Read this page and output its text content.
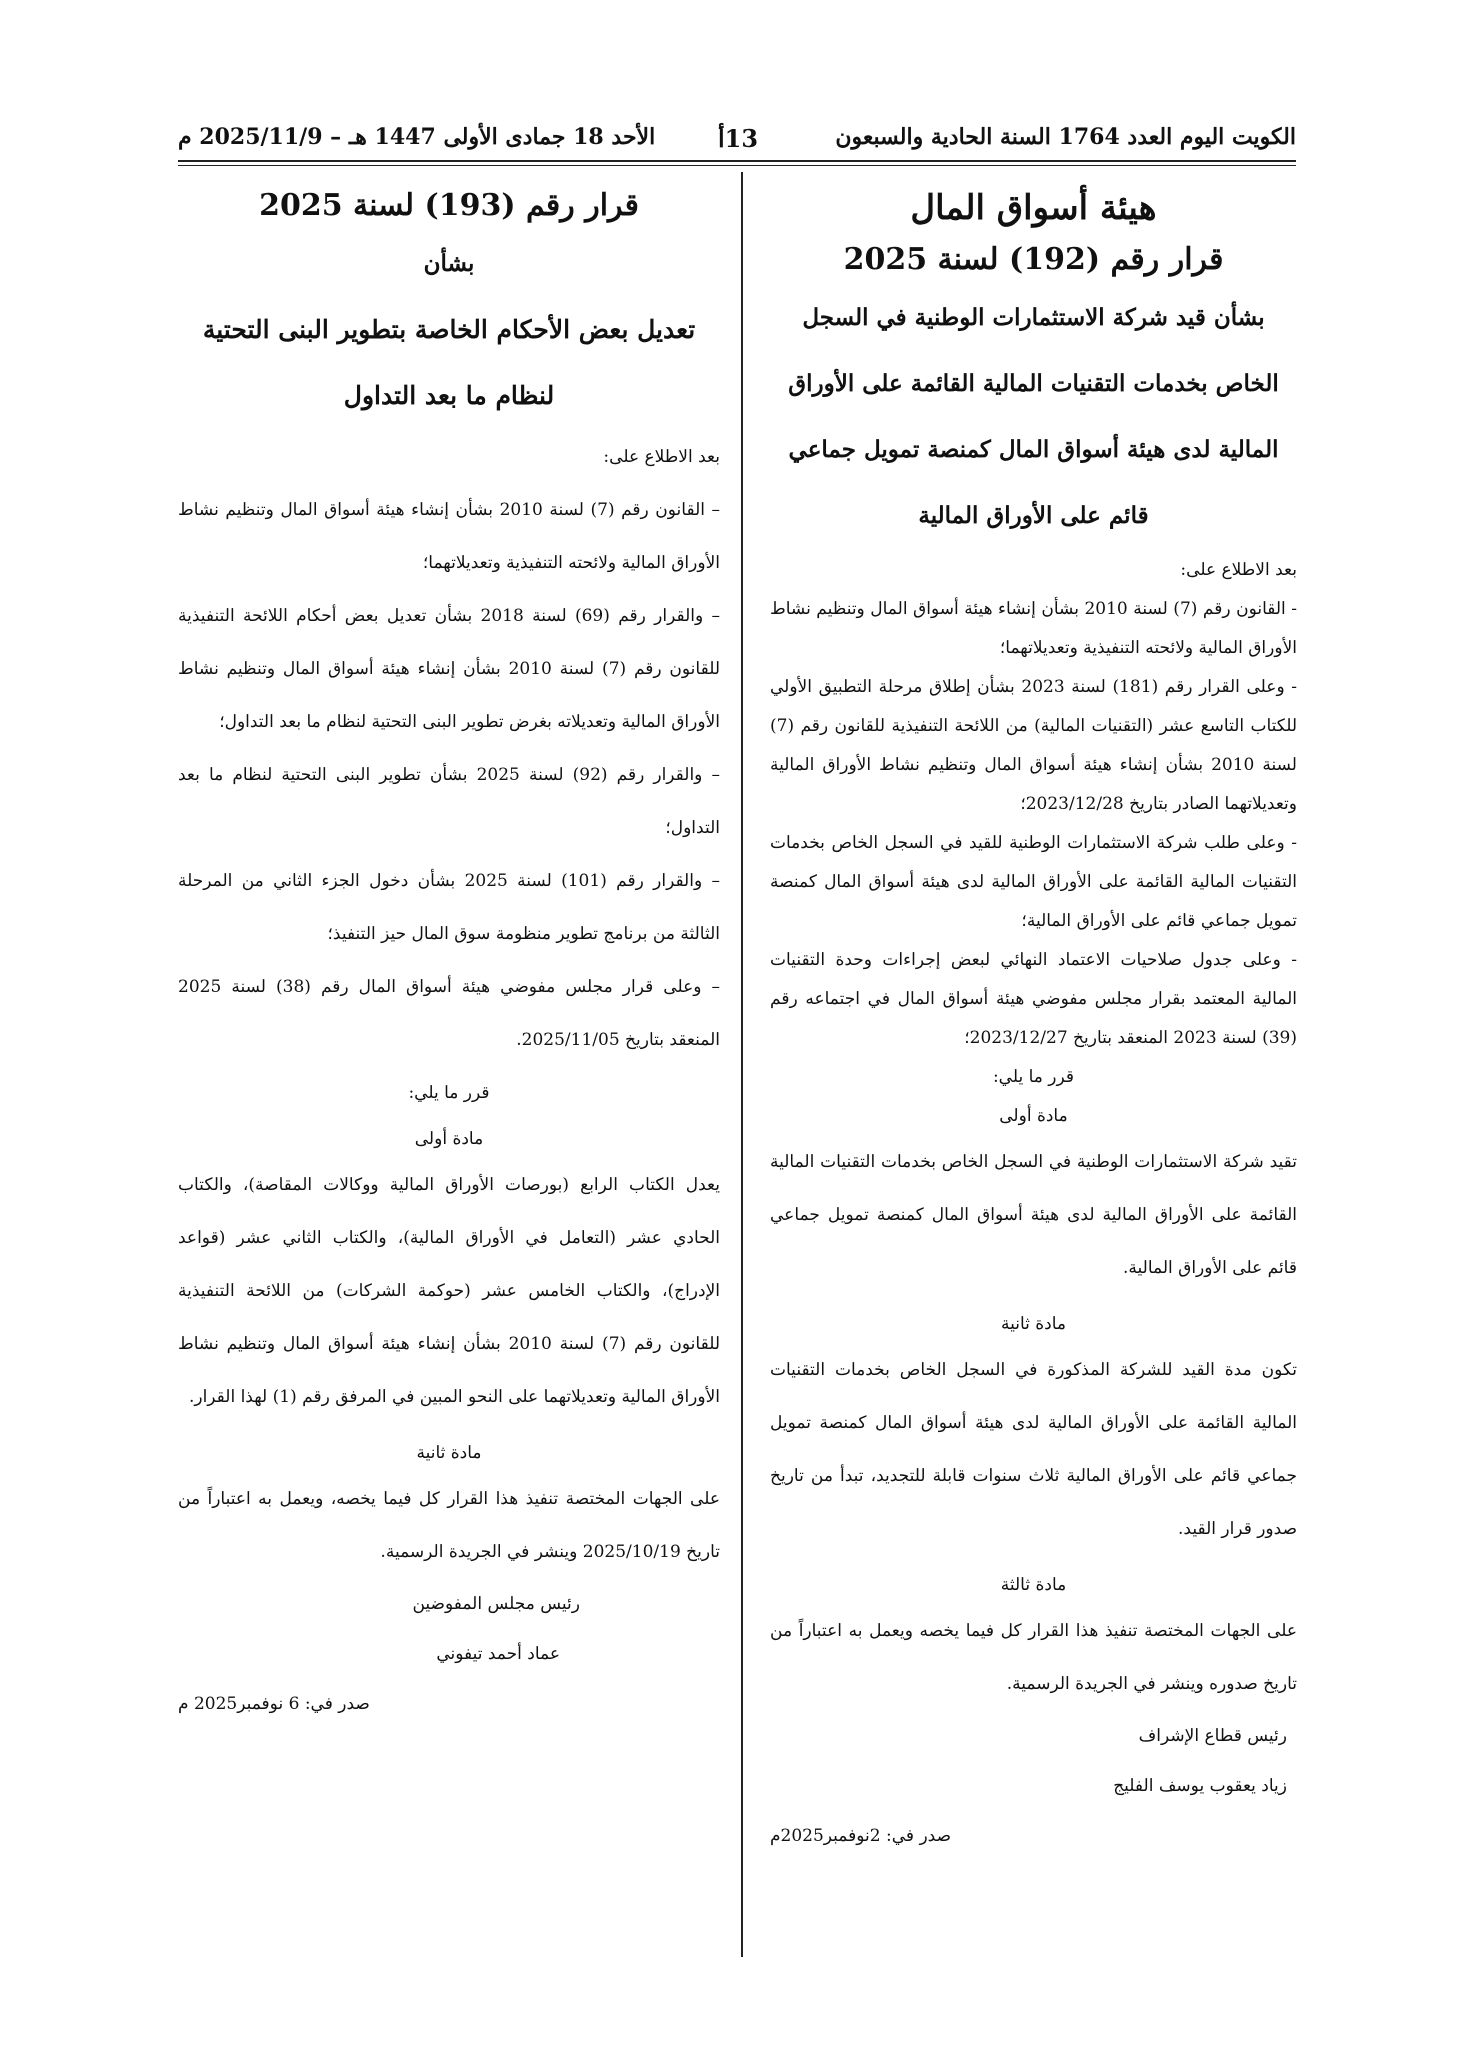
الكويت اليوم العدد 1764 السنة الحادية والسبعون
13أ
الأحد 18 جمادى الأولى 1447 هـ – 2025/11/9 م
هيئة أسواق المال
قرار رقم (192) لسنة 2025
بشأن قيد شركة الاستثمارات الوطنية في السجل
الخاص بخدمات التقنيات المالية القائمة على الأوراق
المالية لدى هيئة أسواق المال كمنصة تمويل جماعي
قائم على الأوراق المالية

بعد الاطلاع على:

- القانون رقم (7) لسنة 2010 بشأن إنشاء هيئة أسواق المال وتنظيم نشاط الأوراق المالية ولائحته التنفيذية وتعديلاتهما؛

- وعلى القرار رقم (181) لسنة 2023 بشأن إطلاق مرحلة التطبيق الأولي للكتاب التاسع عشر (التقنيات المالية) من اللائحة التنفيذية للقانون رقم (7) لسنة 2010 بشأن إنشاء هيئة أسواق المال وتنظيم نشاط الأوراق المالية وتعديلاتهما الصادر بتاريخ 2023/12/28؛

- وعلى طلب شركة الاستثمارات الوطنية للقيد في السجل الخاص بخدمات التقنيات المالية القائمة على الأوراق المالية لدى هيئة أسواق المال كمنصة تمويل جماعي قائم على الأوراق المالية؛

- وعلى جدول صلاحيات الاعتماد النهائي لبعض إجراءات وحدة التقنيات المالية المعتمد بقرار مجلس مفوضي هيئة أسواق المال في اجتماعه رقم (39) لسنة 2023 المنعقد بتاريخ 2023/12/27؛

قرر ما يلي:

مادة أولى

تقيد شركة الاستثمارات الوطنية في السجل الخاص بخدمات التقنيات المالية القائمة على الأوراق المالية لدى هيئة أسواق المال كمنصة تمويل جماعي قائم على الأوراق المالية.

مادة ثانية

تكون مدة القيد للشركة المذكورة في السجل الخاص بخدمات التقنيات المالية القائمة على الأوراق المالية لدى هيئة أسواق المال كمنصة تمويل جماعي قائم على الأوراق المالية ثلاث سنوات قابلة للتجديد، تبدأ من تاريخ صدور قرار القيد.

مادة ثالثة

على الجهات المختصة تنفيذ هذا القرار كل فيما يخصه ويعمل به اعتباراً من تاريخ صدوره وينشر في الجريدة الرسمية.

رئيس قطاع الإشراف

زياد يعقوب يوسف الفليج

صدر في: 2نوفمبر2025م

قرار رقم (193) لسنة 2025
بشأن
تعديل بعض الأحكام الخاصة بتطوير البنى التحتية
لنظام ما بعد التداول

بعد الاطلاع على:

– القانون رقم (7) لسنة 2010 بشأن إنشاء هيئة أسواق المال وتنظيم نشاط الأوراق المالية ولائحته التنفيذية وتعديلاتهما؛

– والقرار رقم (69) لسنة 2018 بشأن تعديل بعض أحكام اللائحة التنفيذية للقانون رقم (7) لسنة 2010 بشأن إنشاء هيئة أسواق المال وتنظيم نشاط الأوراق المالية وتعديلاته بغرض تطوير البنى التحتية لنظام ما بعد التداول؛

– والقرار رقم (92) لسنة 2025 بشأن تطوير البنى التحتية لنظام ما بعد التداول؛

– والقرار رقم (101) لسنة 2025 بشأن دخول الجزء الثاني من المرحلة الثالثة من برنامج تطوير منظومة سوق المال حيز التنفيذ؛

– وعلى قرار مجلس مفوضي هيئة أسواق المال رقم (38) لسنة 2025 المنعقد بتاريخ 2025/11/05.

قرر ما يلي:

مادة أولى

يعدل الكتاب الرابع (بورصات الأوراق المالية ووكالات المقاصة)، والكتاب الحادي عشر (التعامل في الأوراق المالية)، والكتاب الثاني عشر (قواعد الإدراج)، والكتاب الخامس عشر (حوكمة الشركات) من اللائحة التنفيذية للقانون رقم (7) لسنة 2010 بشأن إنشاء هيئة أسواق المال وتنظيم نشاط الأوراق المالية وتعديلاتهما على النحو المبين في المرفق رقم (1) لهذا القرار.

مادة ثانية

على الجهات المختصة تنفيذ هذا القرار كل فيما يخصه، ويعمل به اعتباراً من تاريخ 2025/10/19 وينشر في الجريدة الرسمية.

رئيس مجلس المفوضين

عماد أحمد تيفوني

صدر في: 6 نوفمبر2025 م
